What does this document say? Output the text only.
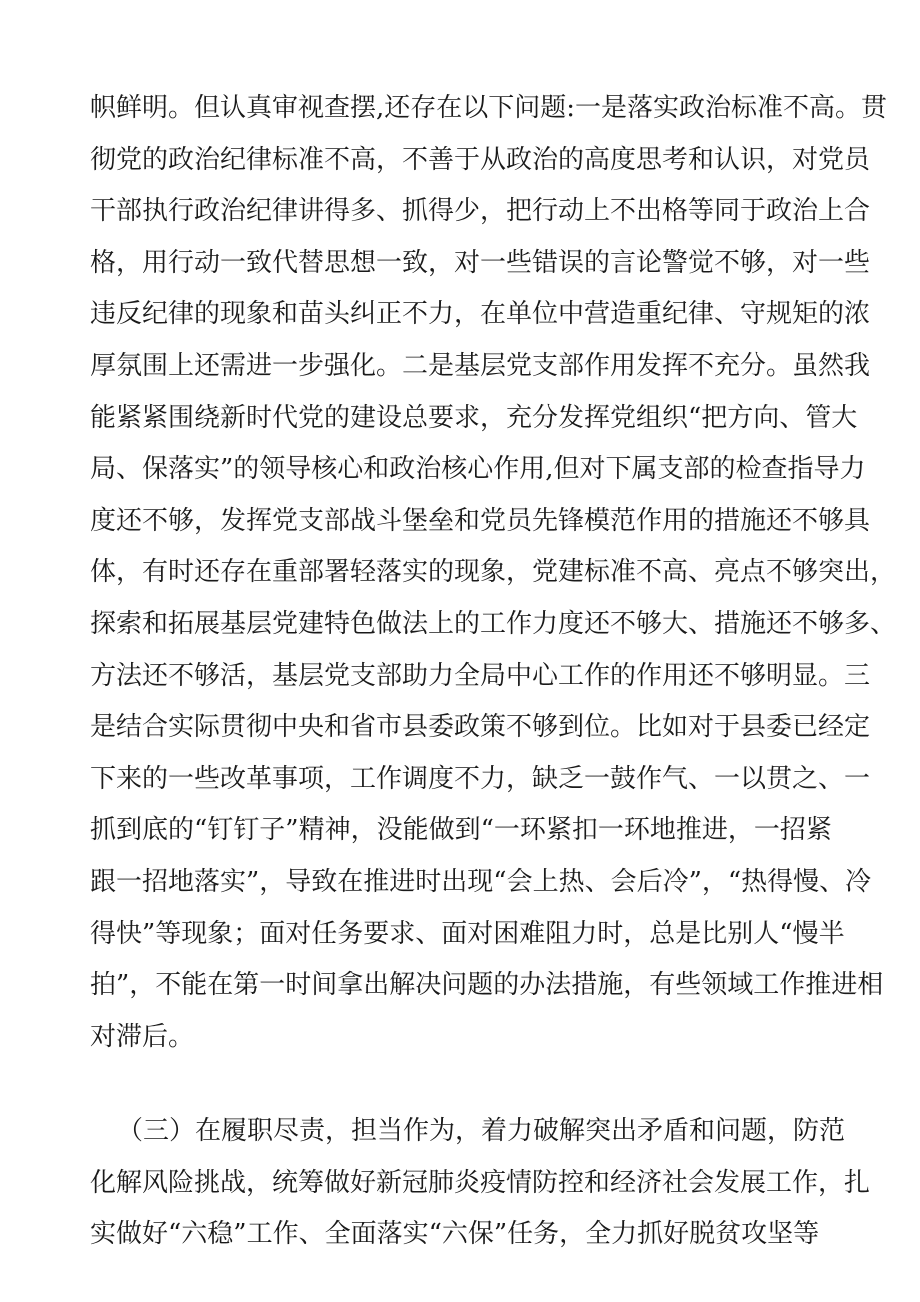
帜鲜明。但认真审视查摆,还存在以下问题:一是落实政治标准不高。贯
彻党的政治纪律标准不高，不善于从政治的高度思考和认识，对党员
干部执行政治纪律讲得多、抓得少，把行动上不出格等同于政治上合
格，用行动一致代替思想一致，对一些错误的言论警觉不够，对一些
违反纪律的现象和苗头纠正不力，在单位中营造重纪律、守规矩的浓
厚氛围上还需进一步强化。二是基层党支部作用发挥不充分。虽然我
能紧紧围绕新时代党的建设总要求，充分发挥党组织“把方向、管大
局、保落实”的领导核心和政治核心作用,但对下属支部的检查指导力
度还不够，发挥党支部战斗堡垒和党员先锋模范作用的措施还不够具
体，有时还存在重部署轻落实的现象，党建标准不高、亮点不够突出，
探索和拓展基层党建特色做法上的工作力度还不够大、措施还不够多、
方法还不够活，基层党支部助力全局中心工作的作用还不够明显。三
是结合实际贯彻中央和省市县委政策不够到位。比如对于县委已经定
下来的一些改革事项，工作调度不力，缺乏一鼓作气、一以贯之、一
抓到底的“钉钉子”精神，没能做到“一环紧扣一环地推进，一招紧
跟一招地落实”，导致在推进时出现“会上热、会后冷”，“热得慢、冷
得快”等现象；面对任务要求、面对困难阻力时，总是比别人“慢半
拍”，不能在第一时间拿出解决问题的办法措施，有些领域工作推进相
对滞后。
（三）在履职尽责，担当作为，着力破解突出矛盾和问题，防范
化解风险挑战，统筹做好新冠肺炎疫情防控和经济社会发展工作，扎
实做好“六稳”工作、全面落实“六保”任务，全力抓好脱贫攻坚等
